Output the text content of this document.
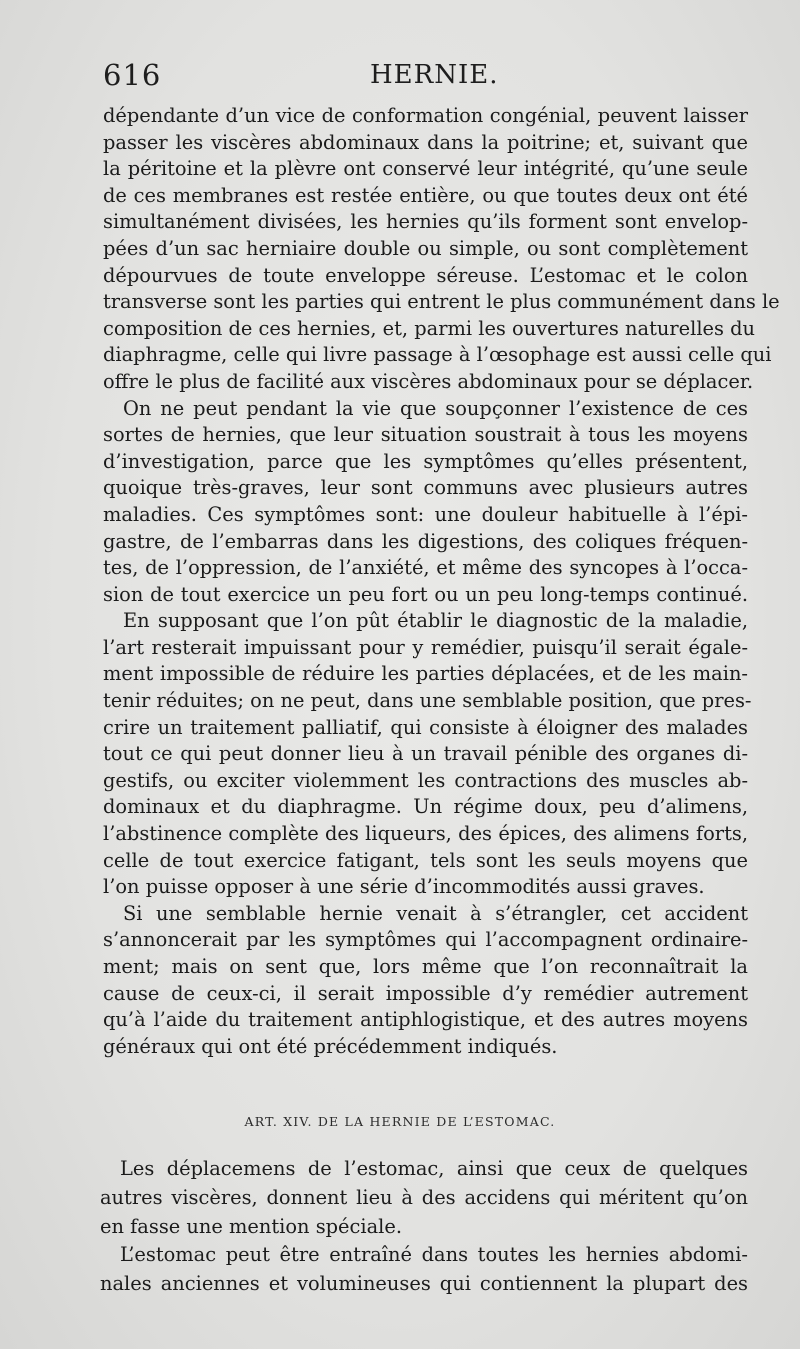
616	HERNIE.
dépendante d’un vice de conformation congénial, peuvent laisser
passer les viscères abdominaux dans la poitrine; et, suivant que
la péritoine et la plèvre ont conservé leur intégrité, qu’une seule
de ces membranes est restée entière, ou que toutes deux ont été
simultanément divisées, les hernies qu’ils forment sont envelop-
pées d’un sac herniaire double ou simple, ou sont complètement
dépourvues de toute enveloppe séreuse. L’estomac et le colon
transverse sont les parties qui entrent le plus communément dans le
composition de ces hernies, et, parmi les ouvertures naturelles du
diaphragme, celle qui livre passage à l’œsophage est aussi celle qui
offre le plus de facilité aux viscères abdominaux pour se déplacer.
On ne peut pendant la vie que soupçonner l’existence de ces
sortes de hernies, que leur situation soustrait à tous les moyens
d’investigation, parce que les symptômes qu’elles présentent,
quoique très-graves, leur sont communs avec plusieurs autres
maladies. Ces symptômes sont: une douleur habituelle à l’épi-
gastre, de l’embarras dans les digestions, des coliques fréquen-
tes, de l’oppression, de l’anxiété, et même des syncopes à l’occa-
sion de tout exercice un peu fort ou un peu long-temps continué.
En supposant que l’on pût établir le diagnostic de la maladie,
l’art resterait impuissant pour y remédier, puisqu’il serait égale-
ment impossible de réduire les parties déplacées, et de les main-
tenir réduites; on ne peut, dans une semblable position, que pres-
crire un traitement palliatif, qui consiste à éloigner des malades
tout ce qui peut donner lieu à un travail pénible des organes di-
gestifs, ou exciter violemment les contractions des muscles ab-
dominaux et du diaphragme. Un régime doux, peu d’alimens,
l’abstinence complète des liqueurs, des épices, des alimens forts,
celle de tout exercice fatigant, tels sont les seuls moyens que
l’on puisse opposer à une série d’incommodités aussi graves.
Si une semblable hernie venait à s’étrangler, cet accident
s’annoncerait par les symptômes qui l’accompagnent ordinaire-
ment; mais on sent que, lors même que l’on reconnaîtrait la
cause de ceux-ci, il serait impossible d’y remédier autrement
qu’à l’aide du traitement antiphlogistique, et des autres moyens
généraux qui ont été précédemment indiqués.
ART. XIV. DE LA HERNIE DE L’ESTOMAC.
Les déplacemens de l’estomac, ainsi que ceux de quelques
autres viscères, donnent lieu à des accidens qui méritent qu’on
en fasse une mention spéciale.
L’estomac peut être entraîné dans toutes les hernies abdomi-
nales anciennes et volumineuses qui contiennent la plupart des
